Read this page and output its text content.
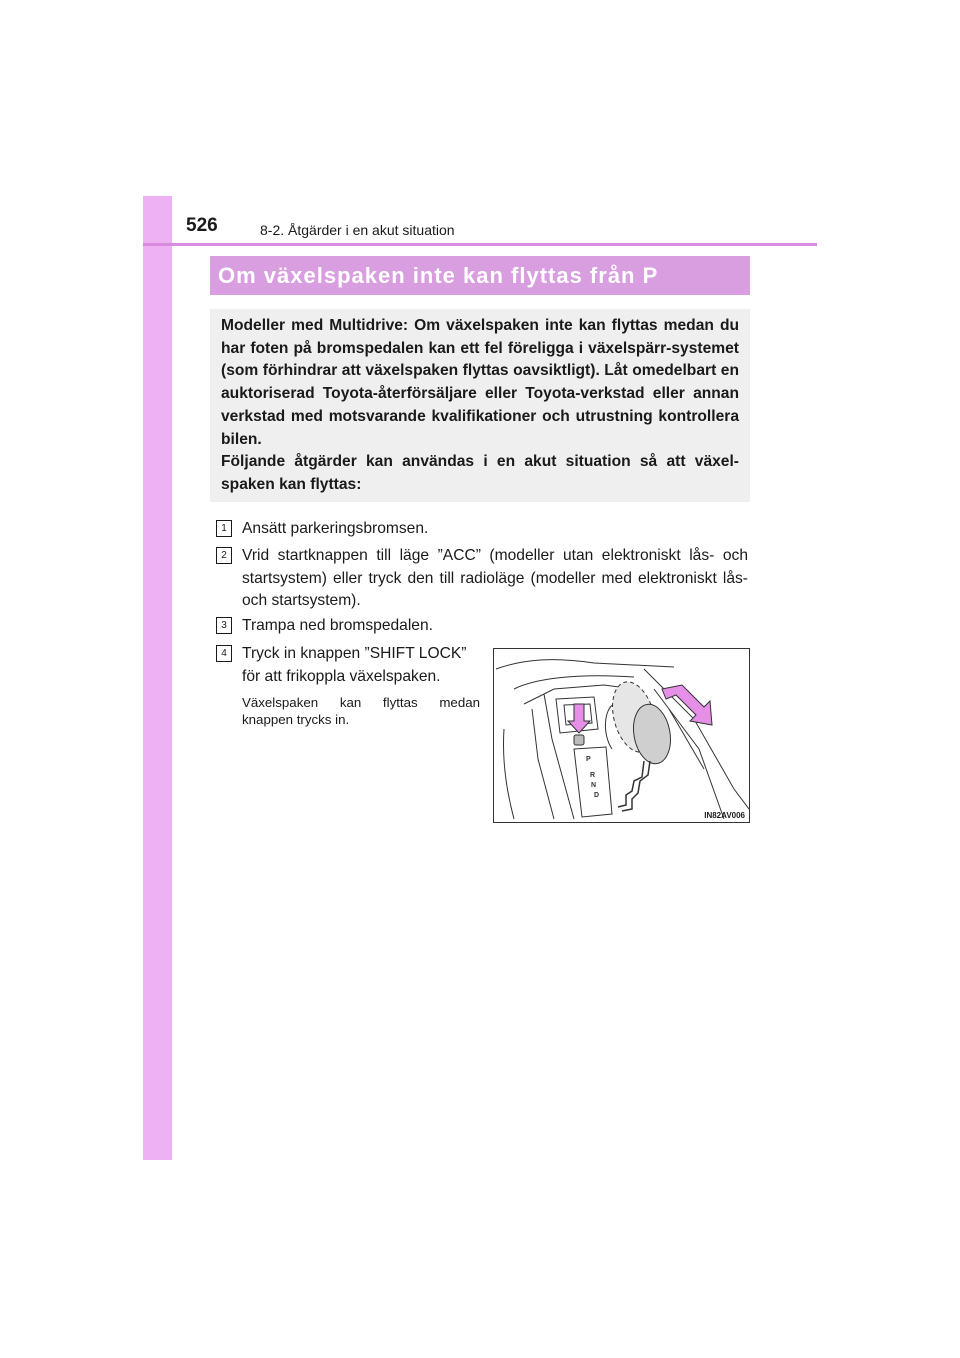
526	8-2. Åtgärder i en akut situation
Om växelspaken inte kan flyttas från P

Modeller med Multidrive: Om växelspaken inte kan flyttas medan du har foten på bromspedalen kan ett fel föreligga i växelspärr-systemet (som förhindrar att växelspaken flyttas oavsiktligt). Låt omedelbart en auktoriserad Toyota-återförsäljare eller Toyota-verkstad eller annan verkstad med motsvarande kvalifikationer och utrustning kontrollera bilen.

Följande åtgärder kan användas i en akut situation så att växel-spaken kan flyttas:

1 Ansätt parkeringsbromsen.
2 Vrid startknappen till läge ”ACC” (modeller utan elektroniskt lås- och startsystem) eller tryck den till radioläge (modeller med elektroniskt lås- och startsystem).
3 Trampa ned bromspedalen.
4 Tryck in knappen ”SHIFT LOCK” för att frikoppla växelspaken.
Växelspaken kan flyttas medan knappen trycks in.
P
R
N
D
IN82AV006
